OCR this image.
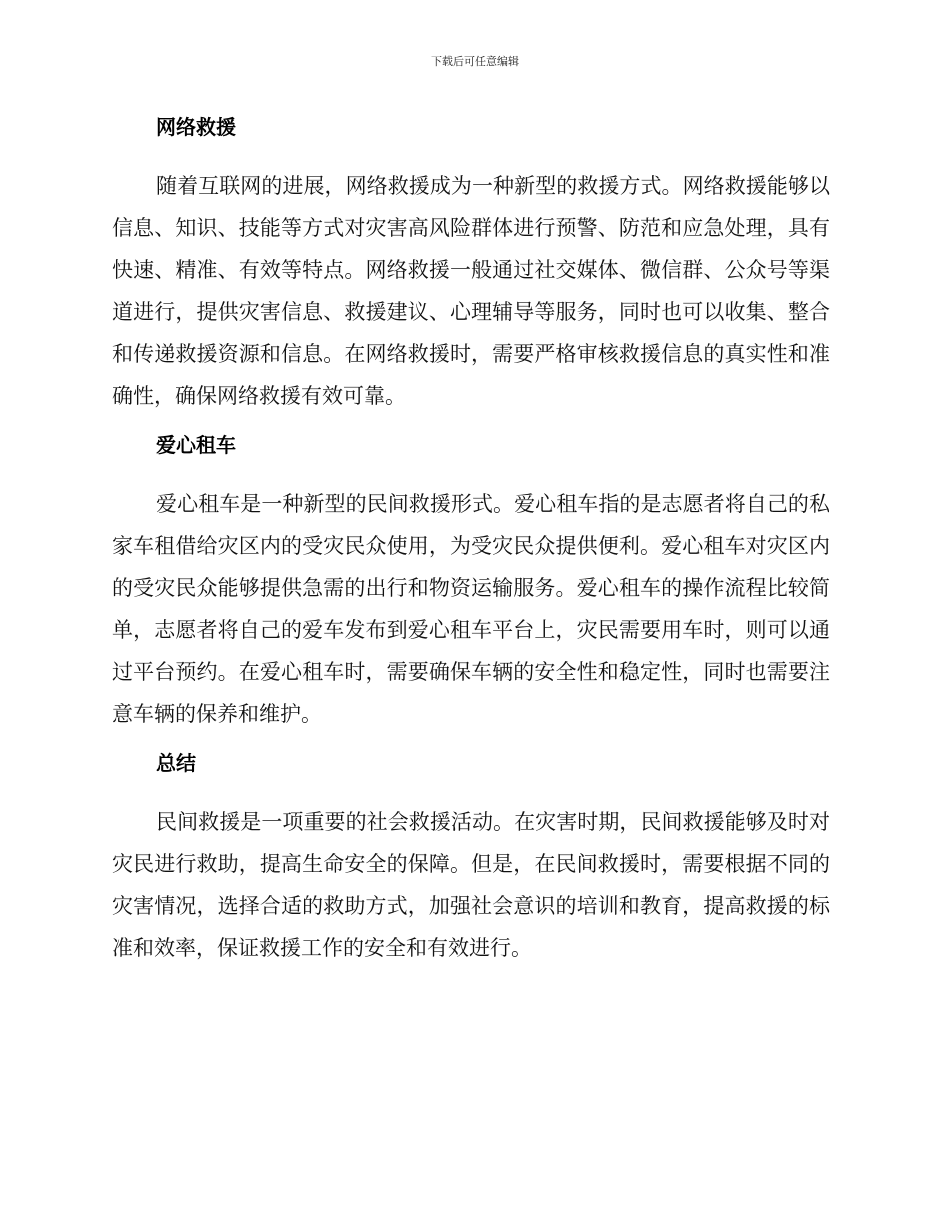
下载后可任意编辑
网络救援

随着互联网的进展，网络救援成为一种新型的救援方式。网络救援能够以信息、知识、技能等方式对灾害高风险群体进行预警、防范和应急处理，具有快速、精准、有效等特点。网络救援一般通过社交媒体、微信群、公众号等渠道进行，提供灾害信息、救援建议、心理辅导等服务，同时也可以收集、整合和传递救援资源和信息。在网络救援时，需要严格审核救援信息的真实性和准确性，确保网络救援有效可靠。

爱心租车

爱心租车是一种新型的民间救援形式。爱心租车指的是志愿者将自己的私家车租借给灾区内的受灾民众使用，为受灾民众提供便利。爱心租车对灾区内的受灾民众能够提供急需的出行和物资运输服务。爱心租车的操作流程比较简单，志愿者将自己的爱车发布到爱心租车平台上，灾民需要用车时，则可以通过平台预约。在爱心租车时，需要确保车辆的安全性和稳定性，同时也需要注意车辆的保养和维护。

总结

民间救援是一项重要的社会救援活动。在灾害时期，民间救援能够及时对灾民进行救助，提高生命安全的保障。但是，在民间救援时，需要根据不同的灾害情况，选择合适的救助方式，加强社会意识的培训和教育，提高救援的标准和效率，保证救援工作的安全和有效进行。
